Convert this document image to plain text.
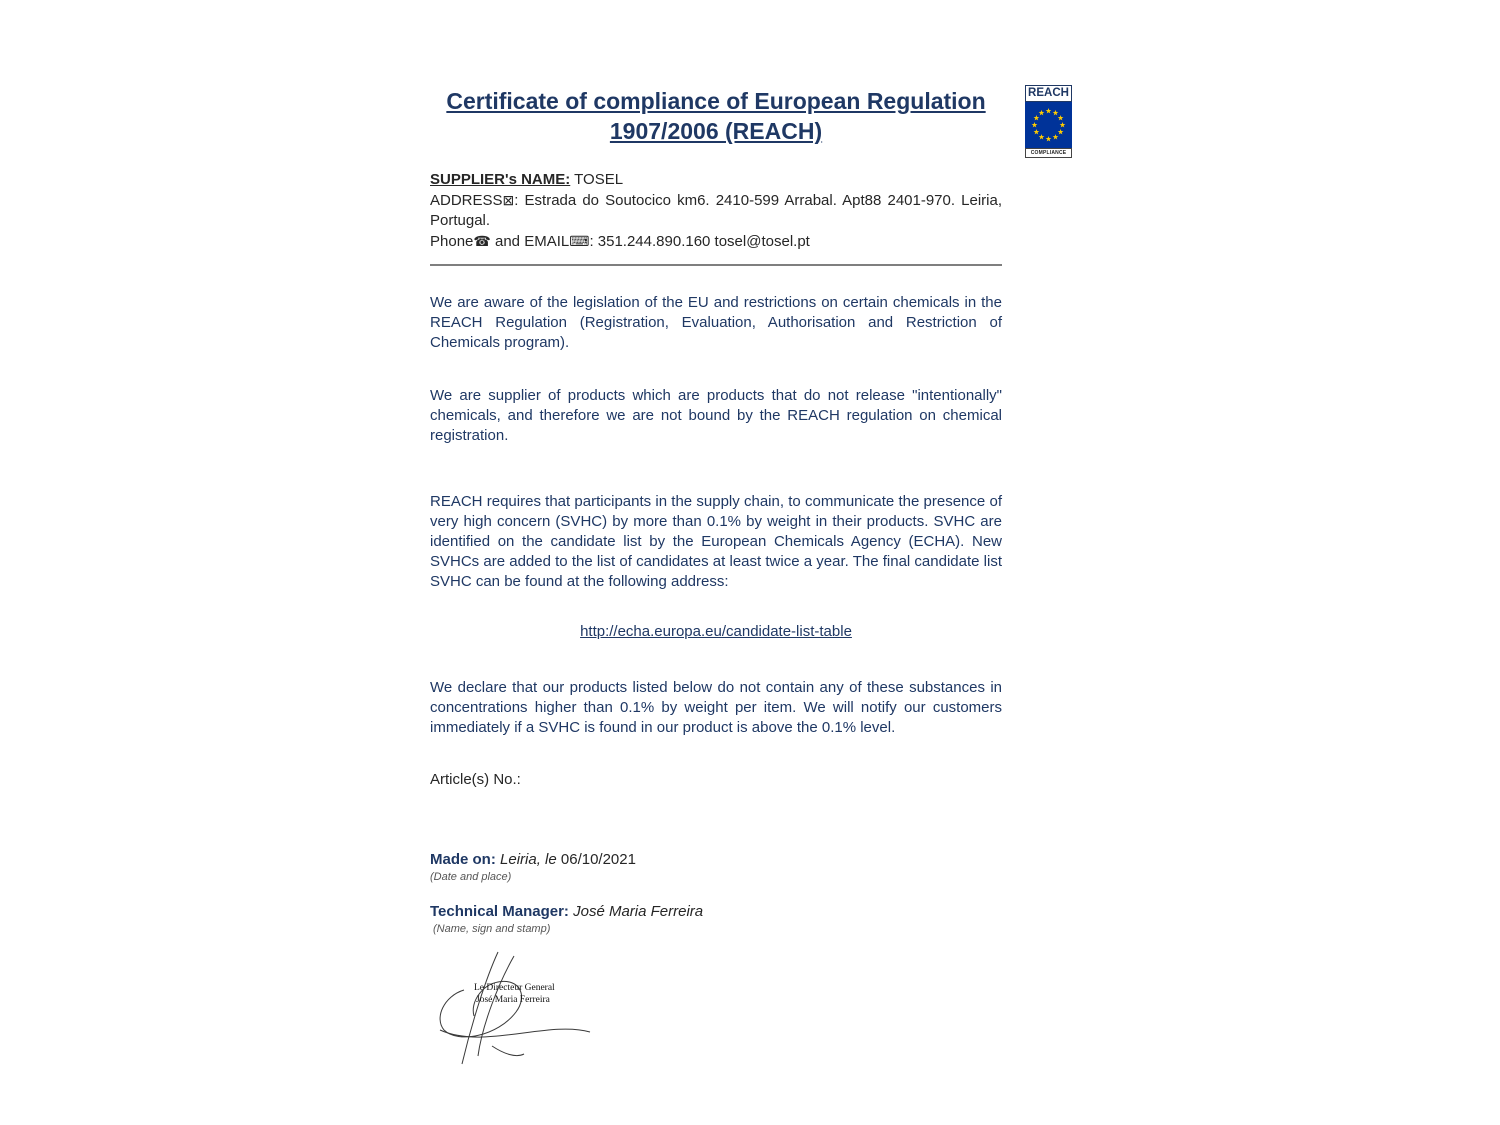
REACH
COMPLIANCE
Certificate of compliance of European Regulation
1907/2006 (REACH)
SUPPLIER's NAME: TOSEL
ADDRESS⊠: Estrada do Soutocico km6. 2410-599 Arrabal. Apt88 2401-970. Leiria, Portugal.
Phone☎ and EMAIL⌨: 351.244.890.160 tosel@tosel.pt

We are aware of the legislation of the EU and restrictions on certain chemicals in the REACH Regulation (Registration, Evaluation, Authorisation and Restriction of Chemicals program).

We are supplier of products which are products that do not release "intentionally" chemicals, and therefore we are not bound by the REACH regulation on chemical registration.

REACH requires that participants in the supply chain, to communicate the presence of very high concern (SVHC) by more than 0.1% by weight in their products. SVHC are identified on the candidate list by the European Chemicals Agency (ECHA). New SVHCs are added to the list of candidates at least twice a year. The final candidate list SVHC can be found at the following address:

http://echa.europa.eu/candidate-list-table

We declare that our products listed below do not contain any of these substances in concentrations higher than 0.1% by weight per item. We will notify our customers immediately if a SVHC is found in our product is above the 0.1% level.

Article(s) No.:
Made on: Leiria, le 06/10/2021
(Date and place)
Technical Manager: José Maria Ferreira
(Name, sign and stamp)
Le Directeur General
José Maria Ferreira
